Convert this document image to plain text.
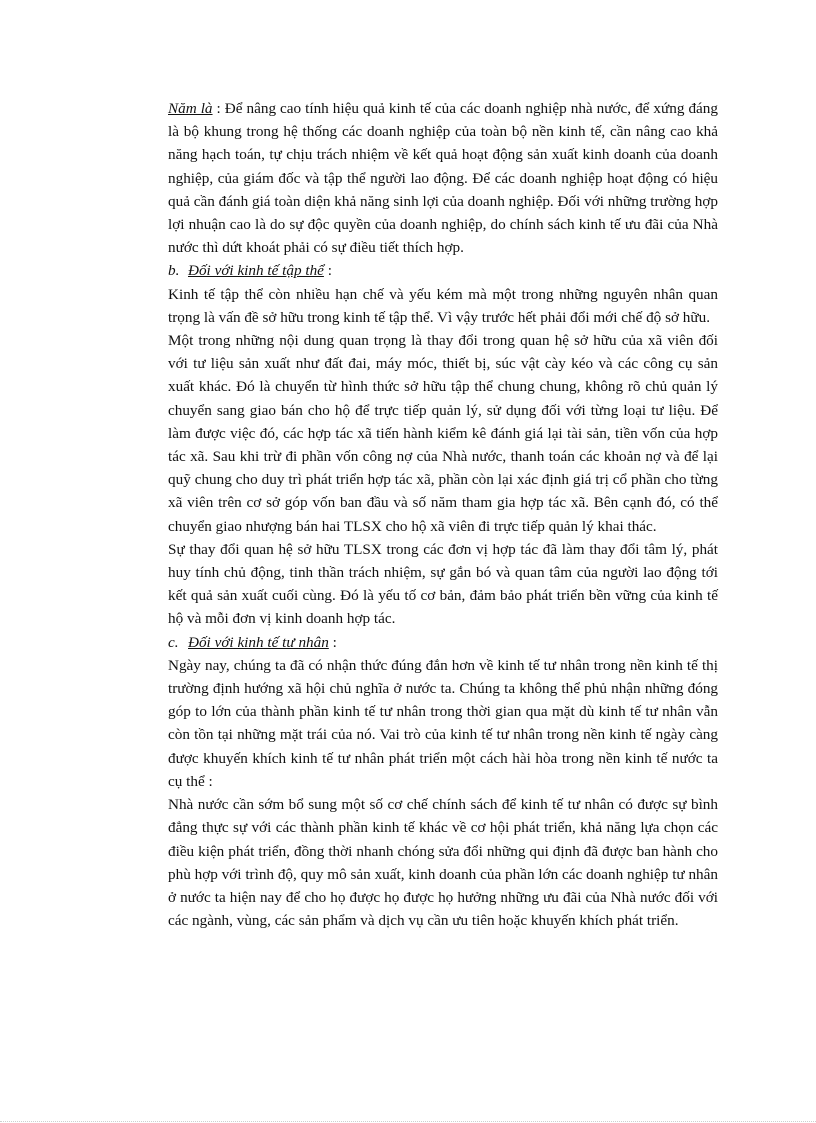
Năm là : Để nâng cao tính hiệu quả kinh tế của các doanh nghiệp nhà nước, để xứng đáng là bộ khung trong hệ thống các doanh nghiệp của toàn bộ nền kinh tế, cần nâng cao khả năng hạch toán, tự chịu trách nhiệm về kết quả hoạt động sản xuất kinh doanh của doanh nghiệp, của giám đốc và tập thể người lao động. Để các doanh nghiệp hoạt động có hiệu quả cần đánh giá toàn diện khả năng sinh lợi của doanh nghiệp. Đối với những trường hợp lợi nhuận cao là do sự độc quyền của doanh nghiệp, do chính sách kinh tế ưu đãi của Nhà nước thì dứt khoát phải có sự điều tiết thích hợp.

b. Đối với kinh tế tập thể :

Kinh tế tập thể còn nhiều hạn chế và yếu kém mà một trong những nguyên nhân quan trọng là vấn đề sở hữu trong kinh tế tập thể. Vì vậy trước hết phải đổi mới chế độ sở hữu.

Một trong những nội dung quan trọng là thay đổi trong quan hệ sở hữu của xã viên đối với tư liệu sản xuất như đất đai, máy móc, thiết bị, súc vật cày kéo và các công cụ sản xuất khác. Đó là chuyển từ hình thức sở hữu tập thể chung chung, không rõ chủ quản lý chuyển sang giao bán cho hộ để trực tiếp quản lý, sử dụng đối với từng loại tư liệu. Để làm được việc đó, các hợp tác xã tiến hành kiểm kê đánh giá lại tài sản, tiền vốn của hợp tác xã. Sau khi trừ đi phần vốn công nợ của Nhà nước, thanh toán các khoản nợ và để lại quỹ chung cho duy trì phát triển hợp tác xã, phần còn lại xác định giá trị cổ phần cho từng xã viên trên cơ sở góp vốn ban đầu và số năm tham gia hợp tác xã. Bên cạnh đó, có thể chuyển giao nhượng bán hai TLSX cho hộ xã viên đi trực tiếp quản lý khai thác.

Sự thay đổi quan hệ sở hữu TLSX trong các đơn vị hợp tác đã làm thay đổi tâm lý, phát huy tính chủ động, tinh thần trách nhiệm, sự gắn bó và quan tâm của người lao động tới kết quả sản xuất cuối cùng. Đó là yếu tố cơ bản, đảm bảo phát triển bền vững của kinh tế hộ và mỗi đơn vị kinh doanh hợp tác.

c. Đối với kinh tế tư nhân :

Ngày nay, chúng ta đã có nhận thức đúng đắn hơn về kinh tế tư nhân trong nền kinh tế thị trường định hướng xã hội chủ nghĩa ở nước ta. Chúng ta không thể phủ nhận những đóng góp to lớn của thành phần kinh tế tư nhân trong thời gian qua mặt dù kinh tế tư nhân vẫn còn tồn tại những mặt trái của nó. Vai trò của kinh tế tư nhân trong nền kinh tế ngày càng được khuyến khích kinh tế tư nhân phát triển một cách hài hòa trong nền kinh tế nước ta cụ thể :

Nhà nước cần sớm bổ sung một số cơ chế chính sách để kinh tế tư nhân có được sự bình đẳng thực sự với các thành phần kinh tế khác về cơ hội phát triển, khả năng lựa chọn các điều kiện phát triển, đồng thời nhanh chóng sửa đổi những qui định đã được ban hành cho phù hợp với trình độ, quy mô sản xuất, kinh doanh của phần lớn các doanh nghiệp tư nhân ở nước ta hiện nay để cho họ được họ được họ hưởng những ưu đãi của Nhà nước đối với các ngành, vùng, các sản phẩm và dịch vụ cần ưu tiên hoặc khuyến khích phát triển.
